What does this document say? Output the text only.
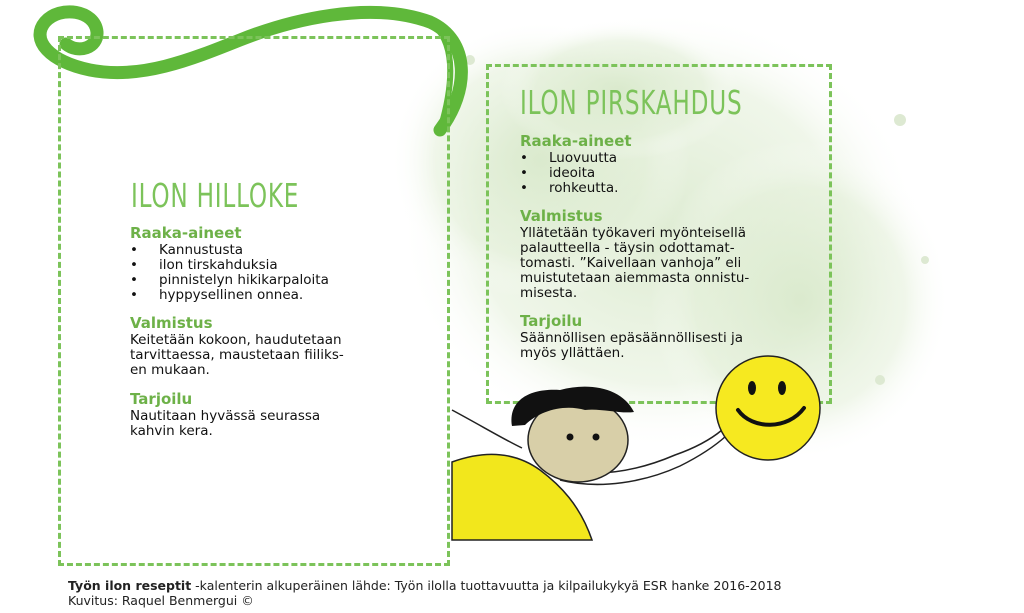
ILON HILLOKE

Raaka-aineet

• Kannustusta
• ilon tirskahduksia
• pinnistelyn hikikarpaloita
• hyppysellinen onnea.

Valmistus

Keitetään kokoon, haudutetaan
tarvittaessa, maustetaan fiiliks-
en mukaan.

Tarjoilu

Nautitaan hyvässä seurassa
kahvin kera.

ILON PIRSKAHDUS

Raaka-aineet

• Luovuutta
• ideoita
• rohkeutta.

Valmistus

Yllätetään työkaveri myönteisellä
palautteella - täysin odottamat-
tomasti. ”Kaivellaan vanhoja” eli
muistutetaan aiemmasta onnistu-
misesta.

Tarjoilu

Säännöllisen epäsäännöllisesti ja
myös yllättäen.

Työn ilon reseptit -kalenterin alkuperäinen lähde: Työn ilolla tuottavuutta ja kilpailukykyä ESR hanke 2016-2018
Kuvitus: Raquel Benmergui ©
